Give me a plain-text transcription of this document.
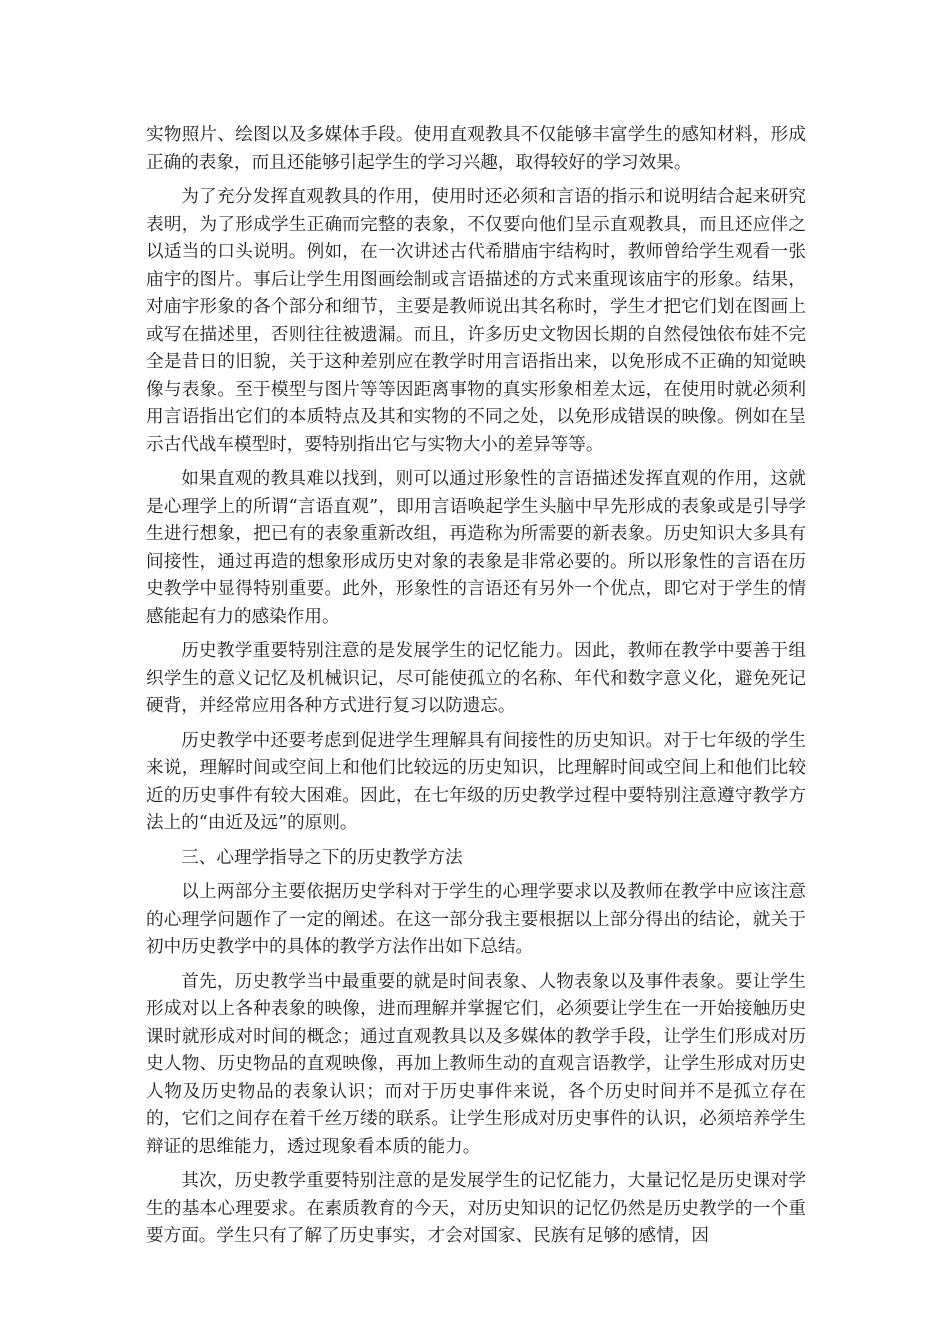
实物照片、绘图以及多媒体手段。使用直观教具不仅能够丰富学生的感知材料，形成正确的表象，而且还能够引起学生的学习兴趣，取得较好的学习效果。

为了充分发挥直观教具的作用，使用时还必须和言语的指示和说明结合起来研究表明，为了形成学生正确而完整的表象，不仅要向他们呈示直观教具，而且还应伴之以适当的口头说明。例如，在一次讲述古代希腊庙宇结构时，教师曾给学生观看一张庙宇的图片。事后让学生用图画绘制或言语描述的方式来重现该庙宇的形象。结果，对庙宇形象的各个部分和细节，主要是教师说出其名称时，学生才把它们划在图画上或写在描述里，否则往往被遗漏。而且，许多历史文物因长期的自然侵蚀依布娃不完全是昔日的旧貌，关于这种差别应在教学时用言语指出来，以免形成不正确的知觉映像与表象。至于模型与图片等等因距离事物的真实形象相差太远，在使用时就必须利用言语指出它们的本质特点及其和实物的不同之处，以免形成错误的映像。例如在呈示古代战车模型时，要特别指出它与实物大小的差异等等。

如果直观的教具难以找到，则可以通过形象性的言语描述发挥直观的作用，这就是心理学上的所谓“言语直观”，即用言语唤起学生头脑中早先形成的表象或是引导学生进行想象，把已有的表象重新改组，再造称为所需要的新表象。历史知识大多具有间接性，通过再造的想象形成历史对象的表象是非常必要的。所以形象性的言语在历史教学中显得特别重要。此外，形象性的言语还有另外一个优点，即它对于学生的情感能起有力的感染作用。

历史教学重要特别注意的是发展学生的记忆能力。因此，教师在教学中要善于组织学生的意义记忆及机械识记，尽可能使孤立的名称、年代和数字意义化，避免死记硬背，并经常应用各种方式进行复习以防遗忘。

历史教学中还要考虑到促进学生理解具有间接性的历史知识。对于七年级的学生来说，理解时间或空间上和他们比较远的历史知识，比理解时间或空间上和他们比较近的历史事件有较大困难。因此，在七年级的历史教学过程中要特别注意遵守教学方法上的“由近及远”的原则。

三、心理学指导之下的历史教学方法

以上两部分主要依据历史学科对于学生的心理学要求以及教师在教学中应该注意的心理学问题作了一定的阐述。在这一部分我主要根据以上部分得出的结论，就关于初中历史教学中的具体的教学方法作出如下总结。

首先，历史教学当中最重要的就是时间表象、人物表象以及事件表象。要让学生形成对以上各种表象的映像，进而理解并掌握它们，必须要让学生在一开始接触历史课时就形成对时间的概念；通过直观教具以及多媒体的教学手段，让学生们形成对历史人物、历史物品的直观映像，再加上教师生动的直观言语教学，让学生形成对历史人物及历史物品的表象认识；而对于历史事件来说，各个历史时间并不是孤立存在的，它们之间存在着千丝万缕的联系。让学生形成对历史事件的认识，必须培养学生辩证的思维能力，透过现象看本质的能力。

其次，历史教学重要特别注意的是发展学生的记忆能力，大量记忆是历史课对学生的基本心理要求。在素质教育的今天，对历史知识的记忆仍然是历史教学的一个重要方面。学生只有了解了历史事实，才会对国家、民族有足够的感情，因
